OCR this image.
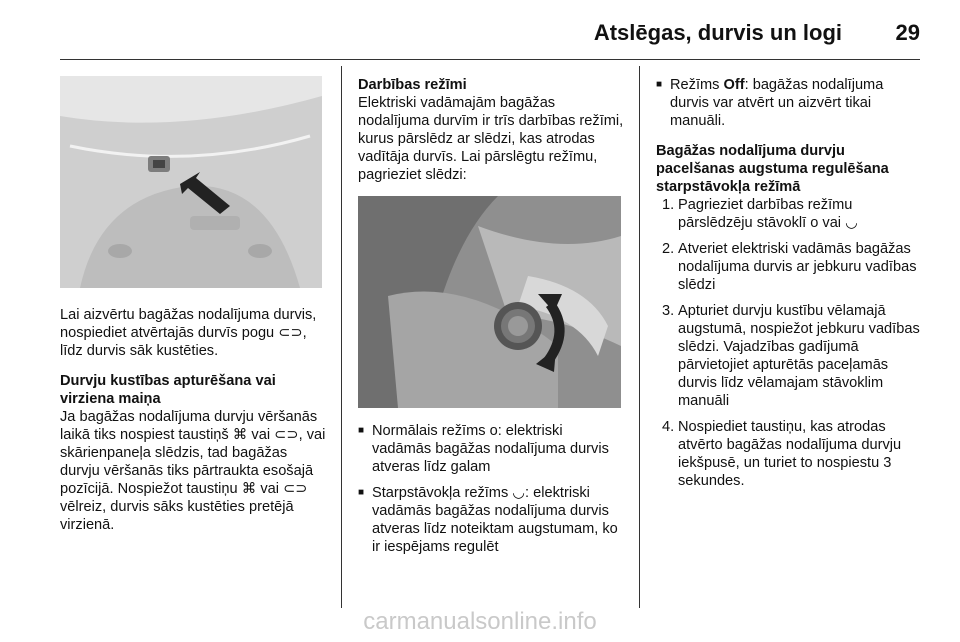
Atslēgas, durvis un logi 29

Lai aizvērtu bagāžas nodalījuma durvis, nospiediet atvērtajās durvīs pogu ⊂⊃, līdz durvis sāk kustēties.

Durvju kustības apturēšana vai virziena maiņa

Ja bagāžas nodalījuma durvju vēršanās laikā tiks nospiest taustiņš ⌘ vai ⊂⊃, vai skārienpaneļa slēdzis, tad bagāžas durvju vēršanās tiks pārtraukta esošajā pozīcijā. Nospiežot taustiņu ⌘ vai ⊂⊃ vēlreiz, durvis sāks kustēties pretējā virzienā.

Darbības režīmi

Elektriski vadāmajām bagāžas nodalījuma durvīm ir trīs darbības režīmi, kurus pārslēdz ar slēdzi, kas atrodas vadītāja durvīs. Lai pārslēgtu režīmu, pagrieziet slēdzi:

■ Normālais režīms o: elektriski vadāmās bagāžas nodalījuma durvis atveras līdz galam
■ Starpstāvokļa režīms ◡: elektriski vadāmās bagāžas nodalījuma durvis atveras līdz noteiktam augstumam, ko ir iespējams regulēt
■ Režīms Off: bagāžas nodalījuma durvis var atvērt un aizvērt tikai manuāli.

Bagāžas nodalījuma durvju pacelšanas augstuma regulēšana starpstāvokļa režīmā

1. Pagrieziet darbības režīmu pārslēdzēju stāvoklī o vai ◡
2. Atveriet elektriski vadāmās bagāžas nodalījuma durvis ar jebkuru vadības slēdzi
3. Apturiet durvju kustību vēlamajā augstumā, nospiežot jebkuru vadības slēdzi. Vajadzības gadījumā pārvietojiet apturētās paceļamās durvis līdz vēlamajam stāvoklim manuāli
4. Nospiediet taustiņu, kas atrodas atvērto bagāžas nodalījuma durvju iekšpusē, un turiet to nospiestu 3 sekundes.
carmanualsonline.info
